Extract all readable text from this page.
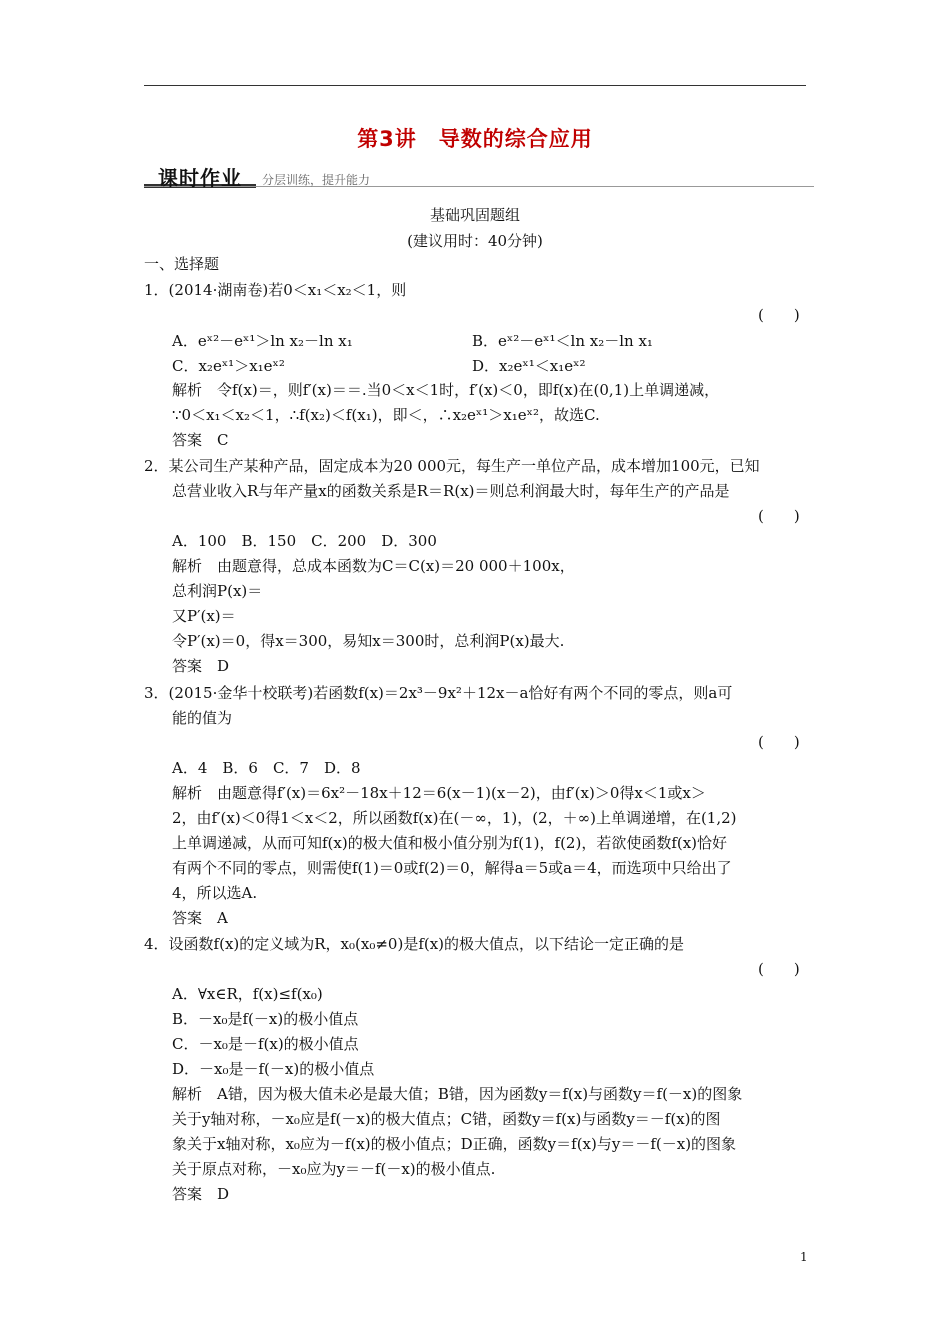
第3讲　导数的综合应用
课时作业 分层训练，提升能力
基础巩固题组
(建议用时：40分钟)
一、选择题
1．(2014·湖南卷)若0＜x₁＜x₂＜1，则
(　　)
A．eˣ²－eˣ¹＞ln x₂－ln x₁	B．eˣ²－eˣ¹＜ln x₂－ln x₁
C．x₂eˣ¹＞x₁eˣ²	D．x₂eˣ¹＜x₁eˣ²
解析　令f(x)＝，则f′(x)＝＝.当0＜x＜1时，f′(x)＜0，即f(x)在(0,1)上单调递减，
∵0＜x₁＜x₂＜1，∴f(x₂)＜f(x₁)，即＜，∴x₂eˣ¹＞x₁eˣ²，故选C.
答案　C
2．某公司生产某种产品，固定成本为20 000元，每生产一单位产品，成本增加100元，已知
总营业收入R与年产量x的函数关系是R＝R(x)＝则总利润最大时，每年生产的产品是
(　　)
A．100　B．150　C．200　D．300
解析　由题意得，总成本函数为C＝C(x)＝20 000＋100x，
总利润P(x)＝
又P′(x)＝
令P′(x)＝0，得x＝300，易知x＝300时，总利润P(x)最大.
答案　D
3．(2015·金华十校联考)若函数f(x)＝2x³－9x²＋12x－a恰好有两个不同的零点，则a可
能的值为
(　　)
A．4　B．6　C．7　D．8
解析　由题意得f′(x)＝6x²－18x＋12＝6(x－1)(x－2)，由f′(x)＞0得x＜1或x＞
2，由f′(x)＜0得1＜x＜2，所以函数f(x)在(－∞，1)，(2，＋∞)上单调递增，在(1,2)
上单调递减，从而可知f(x)的极大值和极小值分别为f(1)，f(2)，若欲使函数f(x)恰好
有两个不同的零点，则需使f(1)＝0或f(2)＝0，解得a＝5或a＝4，而选项中只给出了
4，所以选A.
答案　A
4．设函数f(x)的定义域为R，x₀(x₀≠0)是f(x)的极大值点，以下结论一定正确的是
(　　)
A．∀x∈R，f(x)≤f(x₀)
B．－x₀是f(－x)的极小值点
C．－x₀是－f(x)的极小值点
D．－x₀是－f(－x)的极小值点
解析　A错，因为极大值未必是最大值；B错，因为函数y＝f(x)与函数y＝f(－x)的图象
关于y轴对称，－x₀应是f(－x)的极大值点；C错，函数y＝f(x)与函数y＝－f(x)的图
象关于x轴对称，x₀应为－f(x)的极小值点；D正确，函数y＝f(x)与y＝－f(－x)的图象
关于原点对称，－x₀应为y＝－f(－x)的极小值点.
答案　D
1
